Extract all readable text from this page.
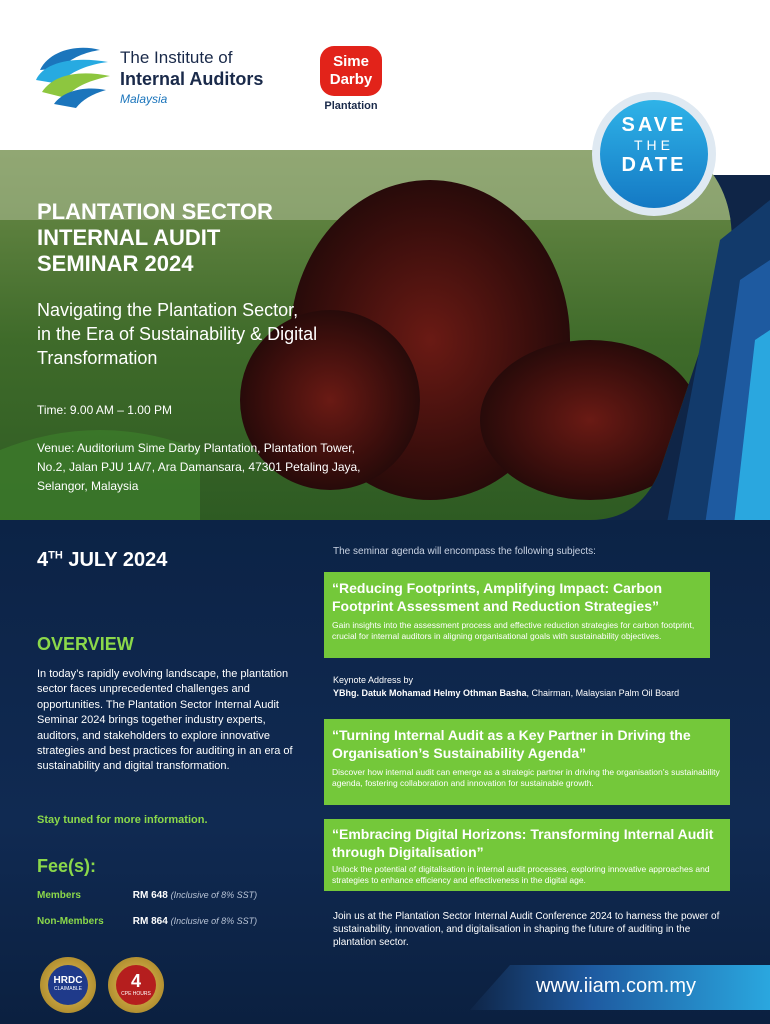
The Institute of
Internal Auditors
Malaysia
Sime
Darby
Plantation
SAVE
THE
DATE
PLANTATION SECTOR
INTERNAL AUDIT
SEMINAR 2024
Navigating the Plantation Sector,
in the Era of Sustainability & Digital
Transformation
Time: 9.00 AM – 1.00 PM
Venue: Auditorium Sime Darby Plantation, Plantation Tower,
No.2, Jalan PJU 1A/7, Ara Damansara, 47301 Petaling Jaya,
Selangor, Malaysia
4TH JULY 2024
OVERVIEW
In today’s rapidly evolving landscape, the plantation sector faces unprecedented challenges and opportunities. The Plantation Sector Internal Audit Seminar 2024 brings together industry experts, auditors, and stakeholders to explore innovative strategies and best practices for auditing in an era of sustainability and digital transformation.
Stay tuned for more information.
Fee(s):
Members	RM 648 (Inclusive of 8% SST)
Non-Members	RM 864 (Inclusive of 8% SST)
HRDC
CLAIMABLE	4
CPE HOURS
The seminar agenda will encompass the following subjects:
“Reducing Footprints, Amplifying Impact: Carbon Footprint Assessment and Reduction Strategies”
Gain insights into the assessment process and effective reduction strategies for carbon footprint, crucial for internal auditors in aligning organisational goals with sustainability objectives.
Keynote Address by
YBhg. Datuk Mohamad Helmy Othman Basha, Chairman, Malaysian Palm Oil Board
“Turning Internal Audit as a Key Partner in Driving the Organisation’s Sustainability Agenda”
Discover how internal audit can emerge as a strategic partner in driving the organisation’s sustainability agenda, fostering collaboration and innovation for sustainable growth.
“Embracing Digital Horizons: Transforming Internal Audit through Digitalisation”
Unlock the potential of digitalisation in internal audit processes, exploring innovative approaches and strategies to enhance efficiency and effectiveness in the digital age.
Join us at the Plantation Sector Internal Audit Conference 2024 to harness the power of sustainability, innovation, and digitalisation in shaping the future of auditing in the plantation sector.
www.iiam.com.my
